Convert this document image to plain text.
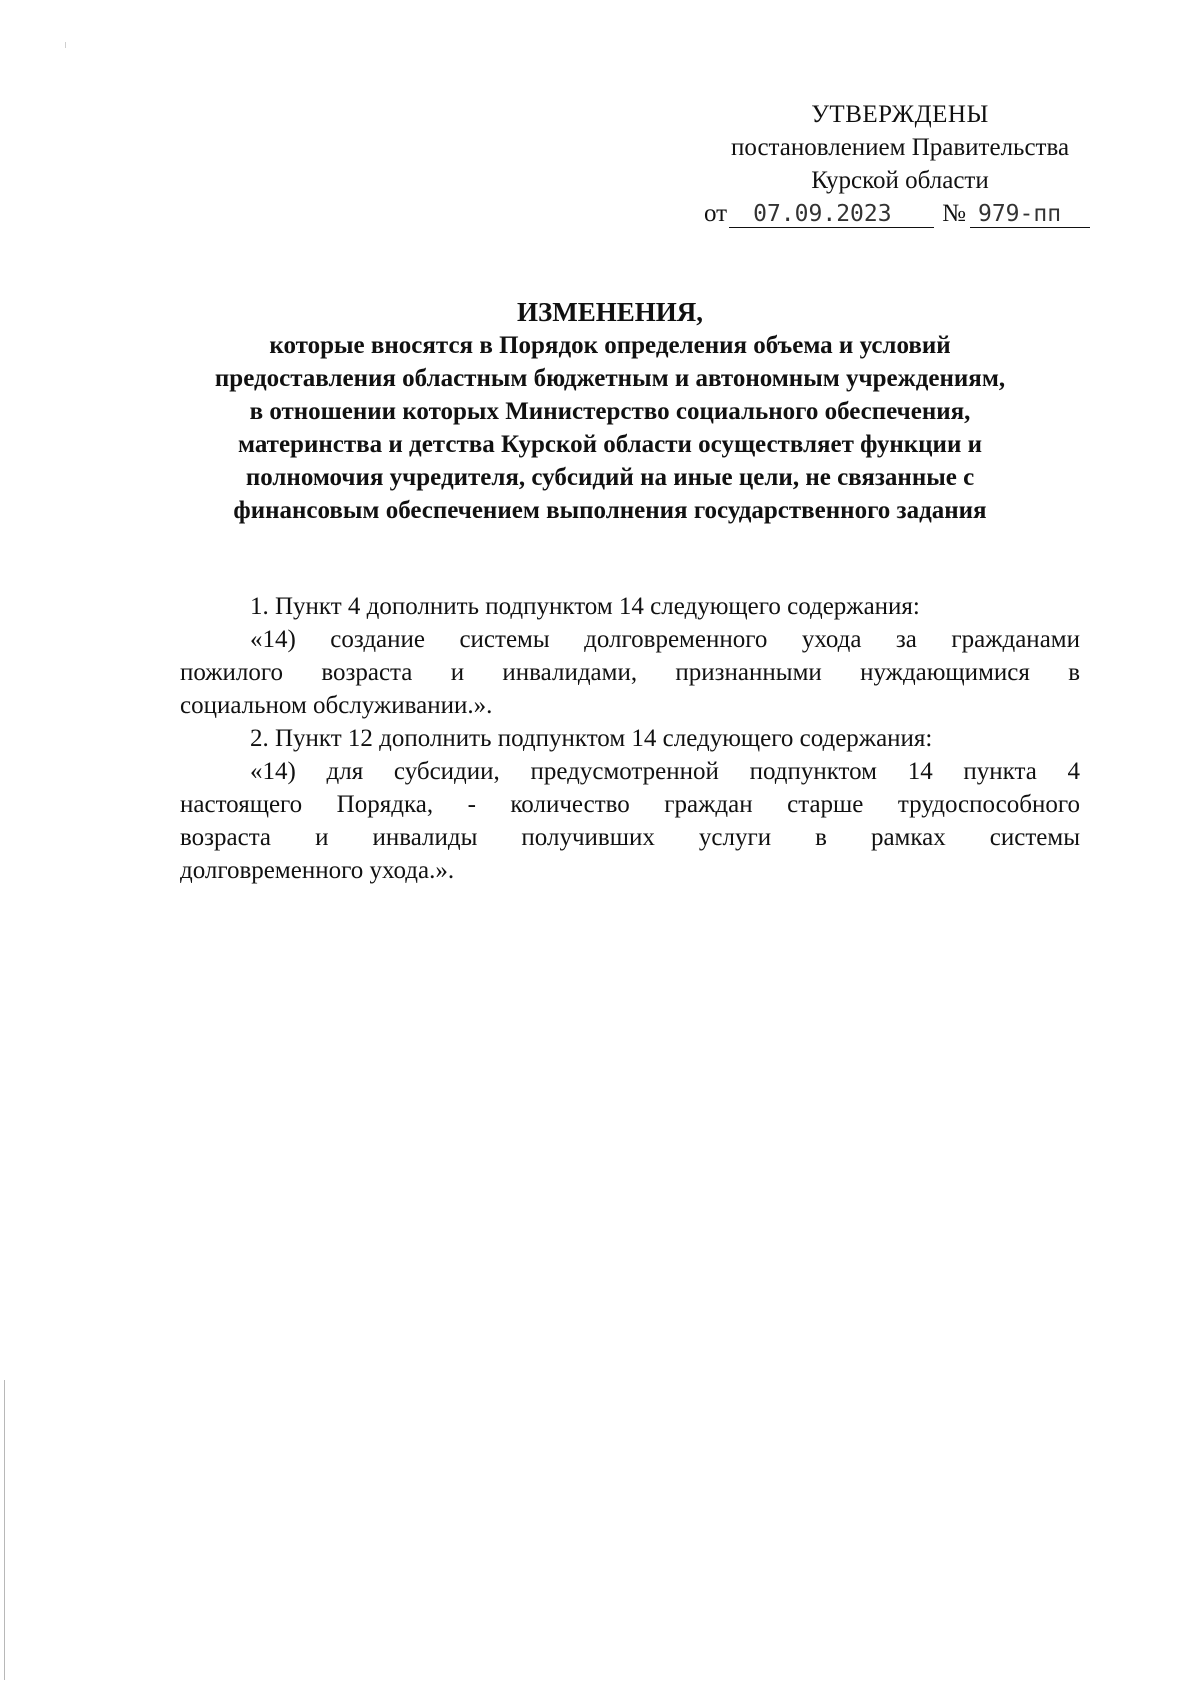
УТВЕРЖДЕНЫ
постановлением Правительства
Курской области
от 07.09.2023 № 979-пп
ИЗМЕНЕНИЯ,
которые вносятся в Порядок определения объема и условий
предоставления областным бюджетным и автономным учреждениям,
в отношении которых Министерство социального обеспечения,
материнства и детства Курской области осуществляет функции и
полномочия учредителя, субсидий на иные цели, не связанные с
финансовым обеспечением выполнения государственного задания

1. Пункт 4 дополнить подпунктом 14 следующего содержания:

«14) создание системы долговременного ухода за гражданами
пожилого возраста и инвалидами, признанными нуждающимися в
социальном обслуживании.».

2. Пункт 12 дополнить подпунктом 14 следующего содержания:

«14) для субсидии, предусмотренной подпунктом 14 пункта 4
настоящего Порядка, - количество граждан старше трудоспособного
возраста и инвалиды получивших услуги в рамках системы
долговременного ухода.».
